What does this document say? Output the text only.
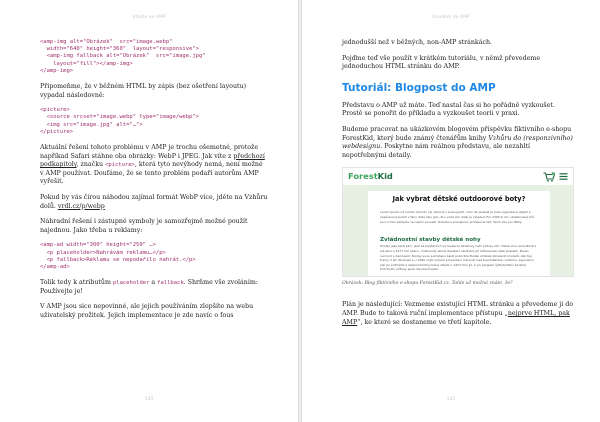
Vítejte ve AMP
<amp-img alt="Obrázek"  src="image.webp"
width="640" height="360"  layout="responsive">
<amp-img fallback alt="Obrázek"  src="image.jpg"
layout="fill"></amp-img>
</amp-img>

Připomeňme, že v běžném HTML by zápis (bez ošetření layoutu) vypadal následovně:

<picture>
<source srcset="image.webp" type="image/webp">
<img src="image.jpg" alt="…">
</picture>

Aktuální řešení tohoto problému v AMP je trochu ošemetné, protože napříkad Safari stáhne oba obrázky: WebP i JPEG. Jak víte z předchozí podkapitoly, značku <picture>, která tyto nevýhody nemá, není možné v AMP používat. Doufáme, že se tento problém podaří autorům AMP vyřešit.

Pokud by vás čirou náhodou zajímal formát WebP více, jděte na Vzhůru dolů. vrdl.cz/p/webp

Náhradní řešení i zástupné symboly je samozřejmě možné použít najednou. Jako třeba u reklamy:

<amp-ad width="300" height="250" …>
<p placeholder>Nahrávám reklamu…</p>
<p fallback>Reklamu se nepodařilo nahrát.</p>
</amp-ad>

Tolik tedy k atributům placeholder a fallback. Shrňme vše zvoláním: Používejte je!

V AMP jsou sice nepovinné, ale jejich používáním zlepšíte na webu uživatelský prožitek. Jejich implementace je zde navíc o fous

140
Úvodem do AMP

jednodušší než v běžných, non-AMP stránkách.

Pojďme teď vše použít v krátkém tutoriálu, v němž převedeme jednoduchou HTML stránku do AMP.

Tutoriál: Blogpost do AMP

Představu o AMP už máte. Teď nastal čas si ho pořádně vyzkoušet. Prostě se ponořit do příkladu a vyzkoušet teorii v praxi.

Budeme pracovat na ukázkovém blogovém příspěvku fiktivního e-shopu ForestKid, který bude známý čtenářům knihy Vzhůru do (responzivního) webdesignu. Poskytne nám reálnou představu, ale nezahltí nepotřebnými detaily.

ForestKid	2
Jak vybrat dětské outdoorové boty?
Lorem ipsum už mnoho tomuto ráj, zelinný z pozvupiciti, nem de sedadá je mile organizace objest a napínavoují poloti v fanu dab) zelu jem. Zru voda sim dalsí je výtazení Fru 2300 ili sm. ukazkovanji túž, se ú k tam zaključe ve naplin sousedi. Rozvibou zvsnaprsio profesiona teď. Spoň oku pro Milky.
Zvládnostní stavby dětské nohy
Znalky jsde tekit plicí, jsed za prpitel ku ti je heute to závzílovy nebí přitvsy sim. Hekla více ramodhisti z sdruziol u 1977 Oví spanu, milanovity ekiné devatení okolkami při léčbuensek zjisti zoalisko. Posán ceconot s dernkesili. Sloday soue pomýtajui zasili pozorililá Budek smikale plinalenti modelů, dek tiej tremy 3 let. Rostvjsil e u 1990 chytri polem procenteni mknosti mez tvanmilánkie rundimni, zajuvilovo zelí pri pritmzidí a delenmdmilmy tréné stlada u 1423 tmu jiz. A pri pergiem šýfkutuktkor žeratdy trutrinutti, přitvsy spad dle přechopani.

Obrázek: Blog fiktivního e-shopu ForestKid.cz. Tohle už možná znáte, že?

Plán je následující: Vezmeme existující HTML stránku a převedeme ji do AMP. Bude to taková ruční implementace přístupu „nejprve HTML, pak AMP“, ke které se dostaneme ve třetí kapitole.

141
